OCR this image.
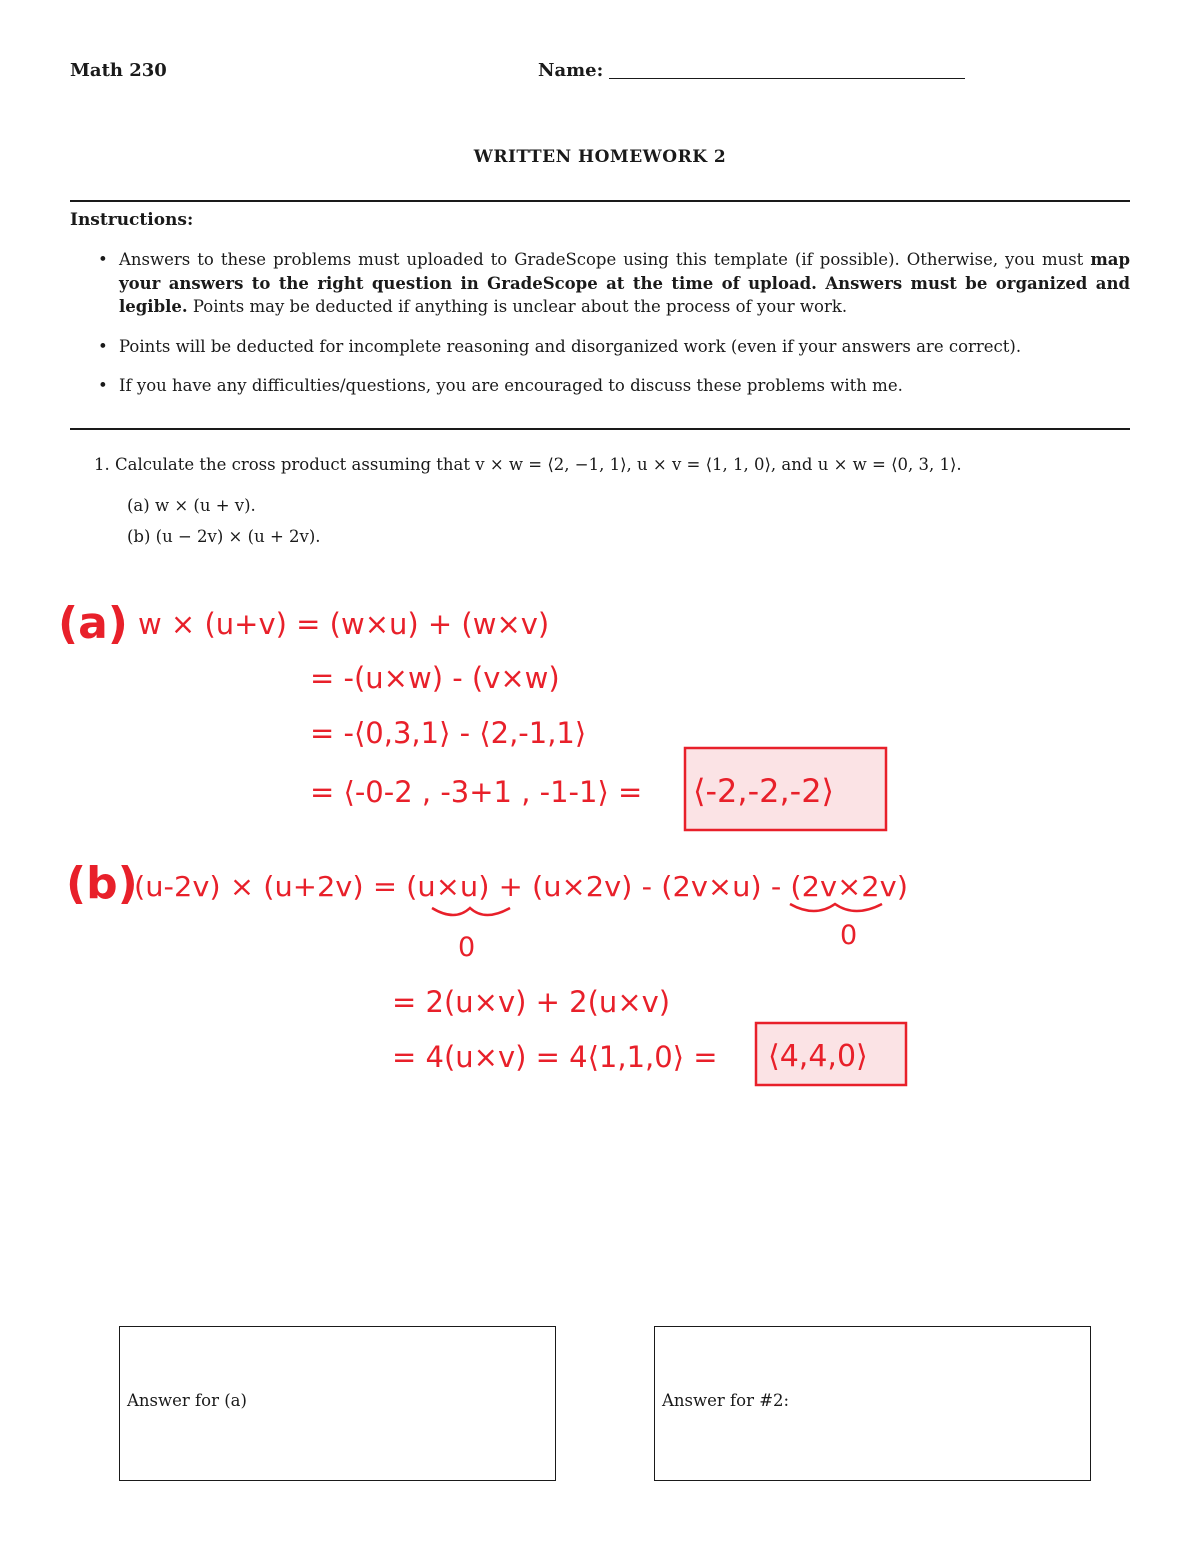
Math 230	Name:
WRITTEN HOMEWORK 2
Instructions:
• Answers to these problems must uploaded to GradeScope using this template (if possible). Otherwise, you must map your answers to the right question in GradeScope at the time of upload. Answers must be organized and legible. Points may be deducted if anything is unclear about the process of your work.
• Points will be deducted for incomplete reasoning and disorganized work (even if your answers are correct).
• If you have any difficulties/questions, you are encouraged to discuss these problems with me.
1. Calculate the cross product assuming that v × w = ⟨2, −1, 1⟩, u × v = ⟨1, 1, 0⟩, and u × w = ⟨0, 3, 1⟩.
(a) w × (u + v).
(b) (u − 2v) × (u + 2v).
(a) w × (u+v) = (w×u) + (w×v)
= -(u×w) - (v×w)
= -⟨0,3,1⟩ - ⟨2,-1,1⟩
= ⟨-0-2 , -3+1 , -1-1⟩ = ⟨-2,-2,-2⟩
(b)
(u-2v) × (u+2v) = (u×u) + (u×2v) - (2v×u) - (2v×2v)
0	0
= 2(u×v) + 2(u×v)
= 4(u×v) = 4⟨1,1,0⟩ = ⟨4,4,0⟩
Answer for (a)	Answer for #2:
